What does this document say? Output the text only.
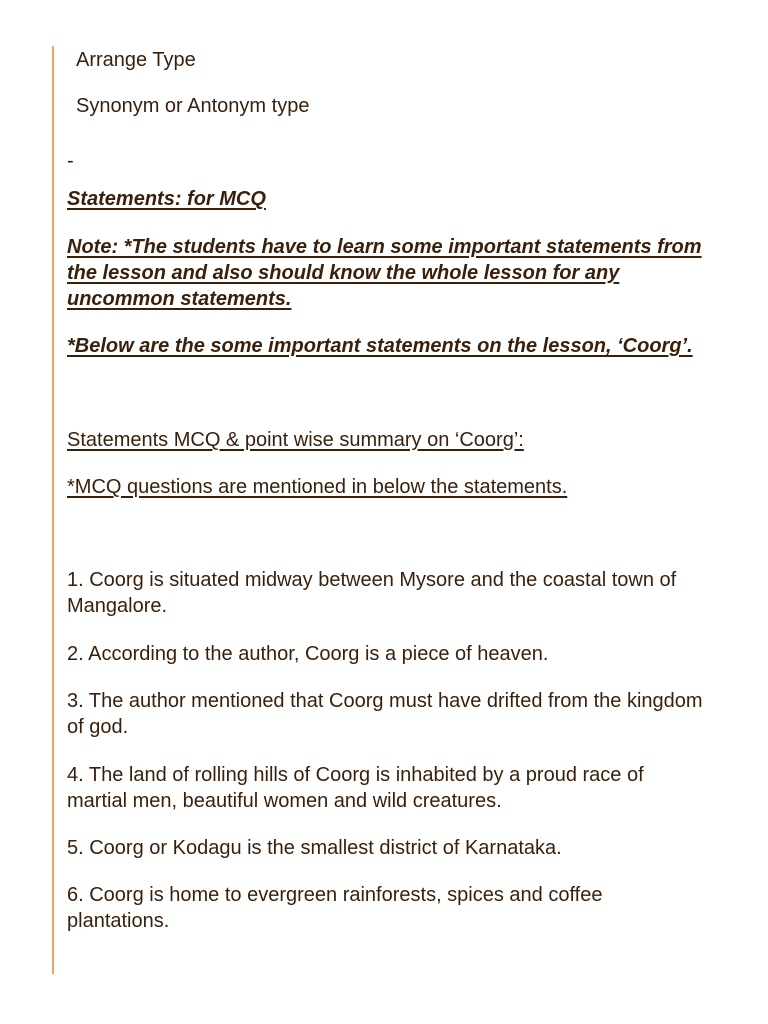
Arrange Type

Synonym or Antonym type

-

Statements: for MCQ

Note: *The students have to learn some important statements from the lesson and also should know the whole lesson for any uncommon statements.

*Below are the some important statements on the lesson, ‘Coorg’.

Statements MCQ & point wise summary on ‘Coorg’:

*MCQ questions are mentioned in below the statements.

1. Coorg is situated midway between Mysore and the coastal town of Mangalore.

2. According to the author, Coorg is a piece of heaven.

3. The author mentioned that Coorg must have drifted from the kingdom of god.

4. The land of rolling hills of Coorg is inhabited by a proud race of martial men, beautiful women and wild creatures.

5. Coorg or Kodagu is the smallest district of Karnataka.

6. Coorg is home to evergreen rainforests, spices and coffee plantations.
